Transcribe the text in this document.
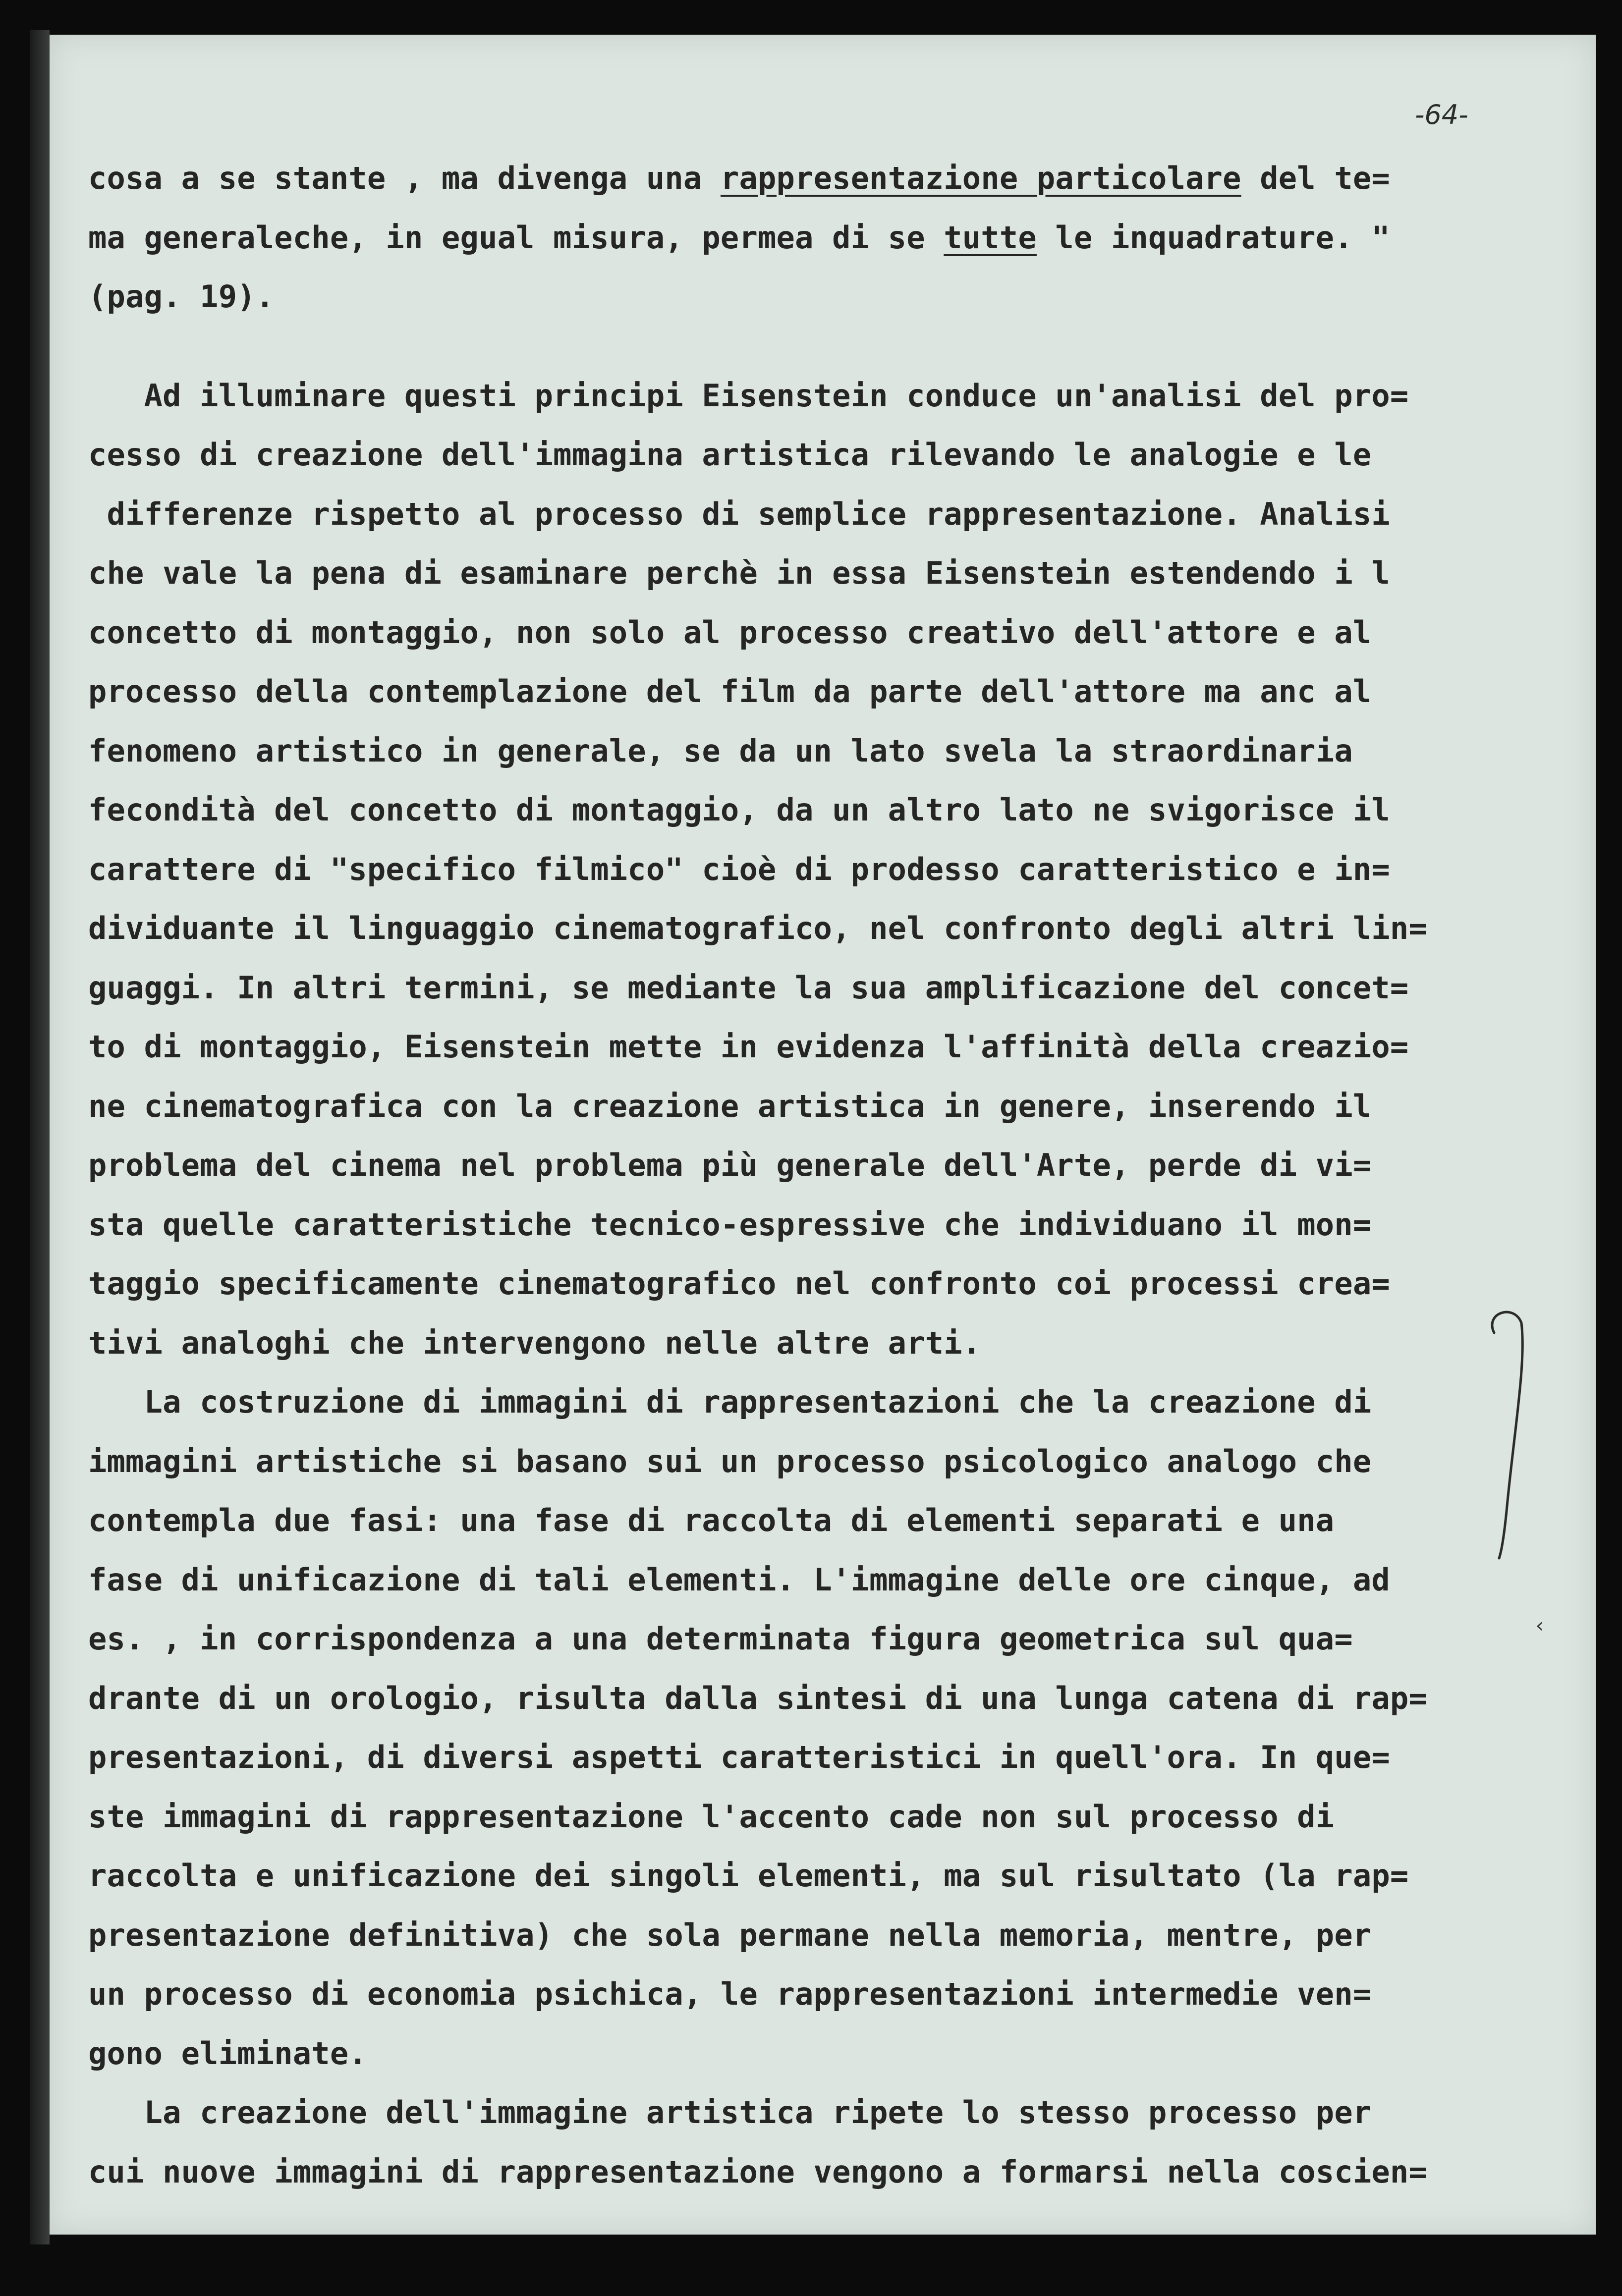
-64-
cosa a se stante , ma divenga una rappresentazione particolare del te=
ma generaleche, in egual misura, permea di se tutte le inquadrature. "
(pag. 19).
Ad illuminare questi principi Eisenstein conduce un'analisi del pro=
cesso di creazione dell'immagina artistica rilevando le analogie e le
differenze rispetto al processo di semplice rappresentazione. Analisi
che vale la pena di esaminare perchè in essa Eisenstein estendendo i l
concetto di montaggio, non solo al processo creativo dell'attore e al
processo della contemplazione del film da parte dell'attore ma anc al
fenomeno artistico in generale, se da un lato svela la straordinaria
fecondità del concetto di montaggio, da un altro lato ne svigorisce il
carattere di "specifico filmico" cioè di prodesso caratteristico e in=
dividuante il linguaggio cinematografico, nel confronto degli altri lin=
guaggi. In altri termini, se mediante la sua amplificazione del concet=
to di montaggio, Eisenstein mette in evidenza l'affinità della creazio=
ne cinematografica con la creazione artistica in genere, inserendo il
problema del cinema nel problema più generale dell'Arte, perde di vi=
sta quelle caratteristiche tecnico-espressive che individuano il mon=
taggio specificamente cinematografico nel confronto coi processi crea=
tivi analoghi che intervengono nelle altre arti.
La costruzione di immagini di rappresentazioni che la creazione di
immagini artistiche si basano sui un processo psicologico analogo che
contempla due fasi: una fase di raccolta di elementi separati e una
fase di unificazione di tali elementi. L'immagine delle ore cinque, ad
es. , in corrispondenza a una determinata figura geometrica sul qua=
drante di un orologio, risulta dalla sintesi di una lunga catena di rap=
presentazioni, di diversi aspetti caratteristici in quell'ora. In que=
ste immagini di rappresentazione l'accento cade non sul processo di
raccolta e unificazione dei singoli elementi, ma sul risultato (la rap=
presentazione definitiva) che sola permane nella memoria, mentre, per
un processo di economia psichica, le rappresentazioni intermedie ven=
gono eliminate.
La creazione dell'immagine artistica ripete lo stesso processo per
cui nuove immagini di rappresentazione vengono a formarsi nella coscien=
‹
